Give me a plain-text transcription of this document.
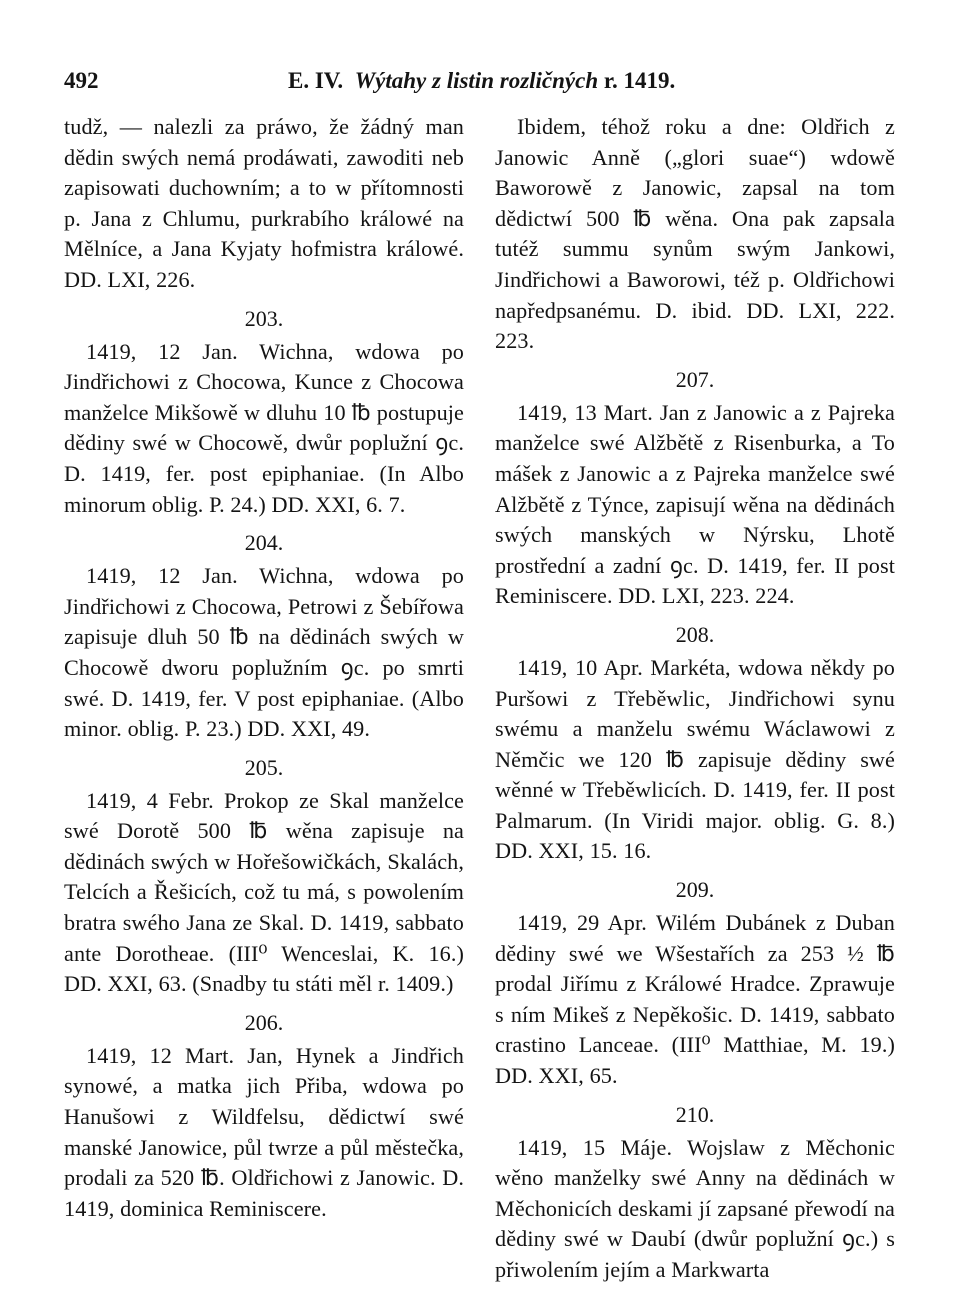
492	E. IV. Wýtahy z listin rozličných r. 1419.

tudž, — nalezli za práwo, že žádný man dědin swých nemá prodáwati, zawoditi neb zapisowati duchowním; a to w přítomnosti p. Jana z Chlumu, purkrabího králowé na Mělníce, a Jana Kyjaty hofmistra králowé. DD. LXI, 226.

203.

1419, 12 Jan. Wichna, wdowa po Jindřichowi z Chocowa, Kunce z Chocowa manželce Mikšowě w dluhu 10 ℔ postupuje dědiny swé w Chocowě, dwůr poplužní ꝯc. D. 1419, fer. post epiphaniae. (In Albo minorum oblig. P. 24.) DD. XXI, 6. 7.

204.

1419, 12 Jan. Wichna, wdowa po Jindřichowi z Chocowa, Petrowi z Šebířowa zapisuje dluh 50 ℔ na dědinách swých w Chocowě dworu poplužním ꝯc. po smrti swé. D. 1419, fer. V post epiphaniae. (Albo minor. oblig. P. 23.) DD. XXI, 49.

205.

1419, 4 Febr. Prokop ze Skal manželce swé Dorotě 500 ℔ wěna zapisuje na dědinách swých w Hořešowičkách, Skalách, Telcích a Řešicích, což tu má, s powolením bratra swého Jana ze Skal. D. 1419, sabbato ante Dorotheae. (III⁰ Wenceslai, K. 16.) DD. XXI, 63. (Snadby tu státi měl r. 1409.)

206.

1419, 12 Mart. Jan, Hynek a Jindřich synowé, a matka jich Přiba, wdowa po Hanušowi z Wildfelsu, dědictwí swé manské Janowice, půl twrze a půl městečka, prodali za 520 ℔. Oldřichowi z Janowic. D. 1419, dominica Reminiscere.

Ibidem, téhož roku a dne: Oldřich z Janowic Anně („glori suae“) wdowě Baworowě z Janowic, zapsal na tom dědictwí 500 ℔ wěna. Ona pak zapsala tutéž summu synům swým Jankowi, Jindřichowi a Baworowi, též p. Oldřichowi napředpsanému. D. ibid. DD. LXI, 222. 223.

207.

1419, 13 Mart. Jan z Janowic a z Pajreka manželce swé Alžbětě z Risenburka, a To mášek z Janowic a z Pajreka manželce swé Alžbětě z Týnce, zapisují wěna na dědinách swých manských w Nýrsku, Lhotě prostřední a zadní ꝯc. D. 1419, fer. II post Reminiscere. DD. LXI, 223. 224.

208.

1419, 10 Apr. Markéta, wdowa někdy po Puršowi z Třeběwlic, Jindřichowi synu swému a manželu swému Wáclawowi z Němčic we 120 ℔ zapisuje dědiny swé wěnné w Třeběwlicích. D. 1419, fer. II post Palmarum. (In Viridi major. oblig. G. 8.) DD. XXI, 15. 16.

209.

1419, 29 Apr. Wilém Dubánek z Duban dědiny swé we Wšestařích za 253 ½ ℔ prodal Jiřímu z Králowé Hradce. Zprawuje s ním Mikeš z Nepěkošic. D. 1419, sabbato crastino Lanceae. (III⁰ Matthiae, M. 19.) DD. XXI, 65.

210.

1419, 15 Máje. Wojslaw z Měchonic wěno manželky swé Anny na dědinách w Měchonicích deskami jí zapsané přewodí na dědiny swé w Daubí (dwůr poplužní ꝯc.) s přiwolením jejím a Markwarta
